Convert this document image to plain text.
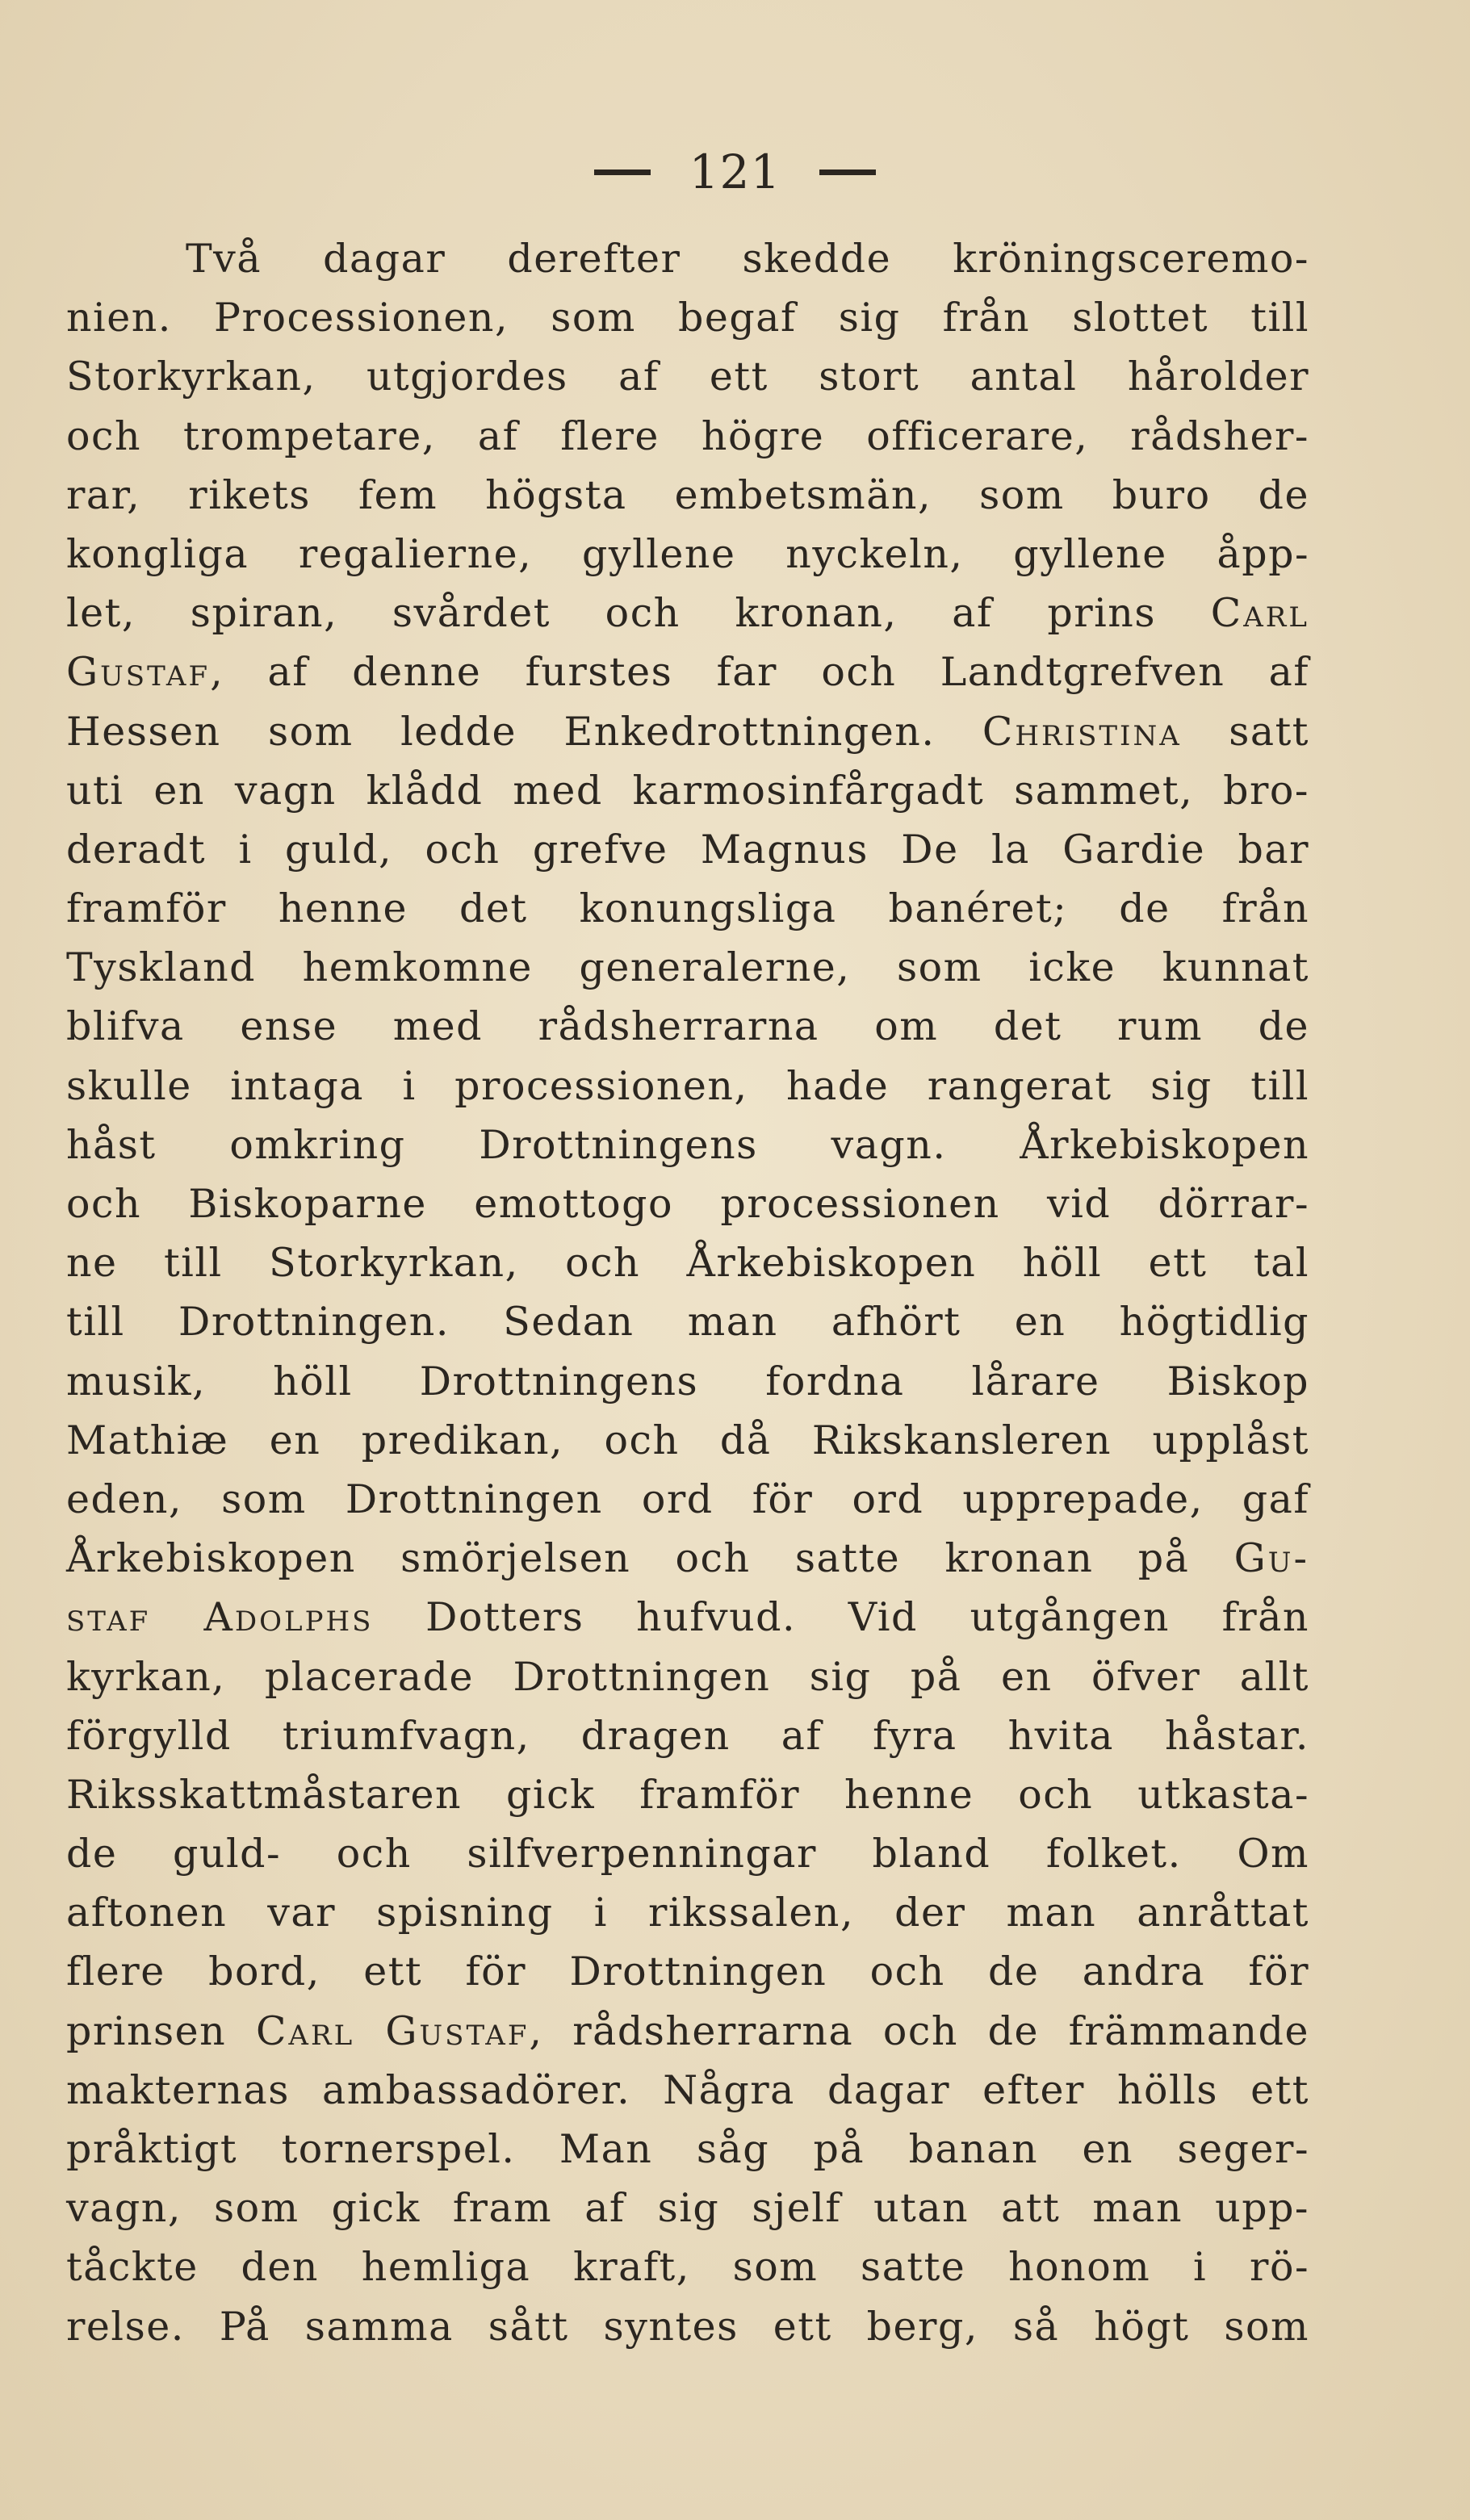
121
Två dagar derefter skedde kröningsceremo-
nien. Processionen, som begaf sig från slottet till
Storkyrkan, utgjordes af ett stort antal hårolder
och trompetare, af flere högre officerare, rådsher-
rar, rikets fem högsta embetsmän, som buro de
kongliga regalierne, gyllene nyckeln, gyllene åpp-
let, spiran, svårdet och kronan, af prins Carl
Gustaf, af denne furstes far och Landtgrefven af
Hessen som ledde Enkedrottningen. Christina satt
uti en vagn klådd med karmosinfårgadt sammet, bro-
deradt i guld, och grefve Magnus De la Gardie bar
framför henne det konungsliga banéret; de från
Tyskland hemkomne generalerne, som icke kunnat
blifva ense med rådsherrarna om det rum de
skulle intaga i processionen, hade rangerat sig till
håst omkring Drottningens vagn. Årkebiskopen
och Biskoparne emottogo processionen vid dörrar-
ne till Storkyrkan, och Årkebiskopen höll ett tal
till Drottningen. Sedan man afhört en högtidlig
musik, höll Drottningens fordna lårare Biskop
Mathiæ en predikan, och då Rikskansleren upplåst
eden, som Drottningen ord för ord upprepade, gaf
Årkebiskopen smörjelsen och satte kronan på Gu-
staf Adolphs Dotters hufvud. Vid utgången från
kyrkan, placerade Drottningen sig på en öfver allt
förgylld triumfvagn, dragen af fyra hvita håstar.
Riksskattmåstaren gick framför henne och utkasta-
de guld- och silfverpenningar bland folket. Om
aftonen var spisning i rikssalen, der man anråttat
flere bord, ett för Drottningen och de andra för
prinsen Carl Gustaf, rådsherrarna och de främmande
makternas ambassadörer. Några dagar efter hölls ett
pråktigt tornerspel. Man såg på banan en seger-
vagn, som gick fram af sig sjelf utan att man upp-
tåckte den hemliga kraft, som satte honom i rö-
relse. På samma sått syntes ett berg, så högt som
